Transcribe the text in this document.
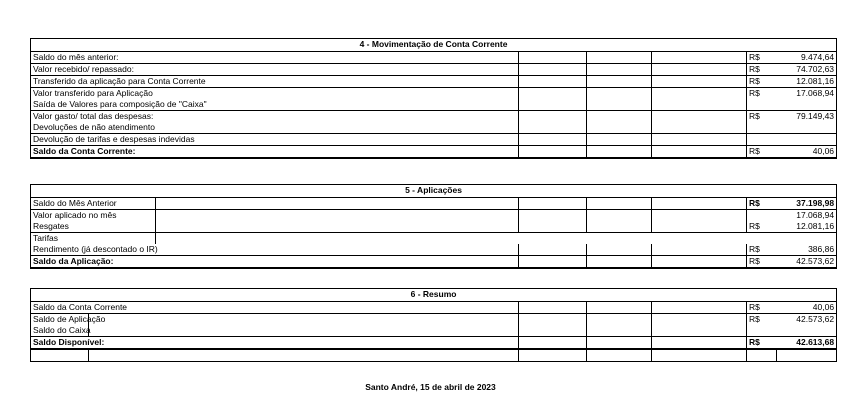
4 - Movimentação de Conta Corrente					
Saldo do mês anterior:				R$	9.474,64
Valor recebido/ repassado:				R$	74.702,63
Transferido da aplicação para Conta Corrente				R$	12.081,16
Valor transferido para Aplicação				R$	17.068,94
Saída de Valores para composição de "Caixa"					
Valor gasto/ total das despesas:				R$	79.149,43
Devoluções de não atendimento					
Devolução de tarifas e despesas indevidas					
Saldo da Conta Corrente:				R$	40,06
5 - Aplicações						
Saldo do Mês Anterior					R$	37.198,98
Valor aplicado no mês						17.068,94
Resgates					R$	12.081,16
Tarifas						
Rendimento (já descontado o IR)					R$	386,86
Saldo da Aplicação:					R$	42.573,62
6 - Resumo						
Saldo da Conta Corrente					R$	40,06
Saldo de Aplicação					R$	42.573,62
Saldo do Caixa						
Saldo Disponível:					R$	42.613,68

Santo André, 15 de abril de 2023
